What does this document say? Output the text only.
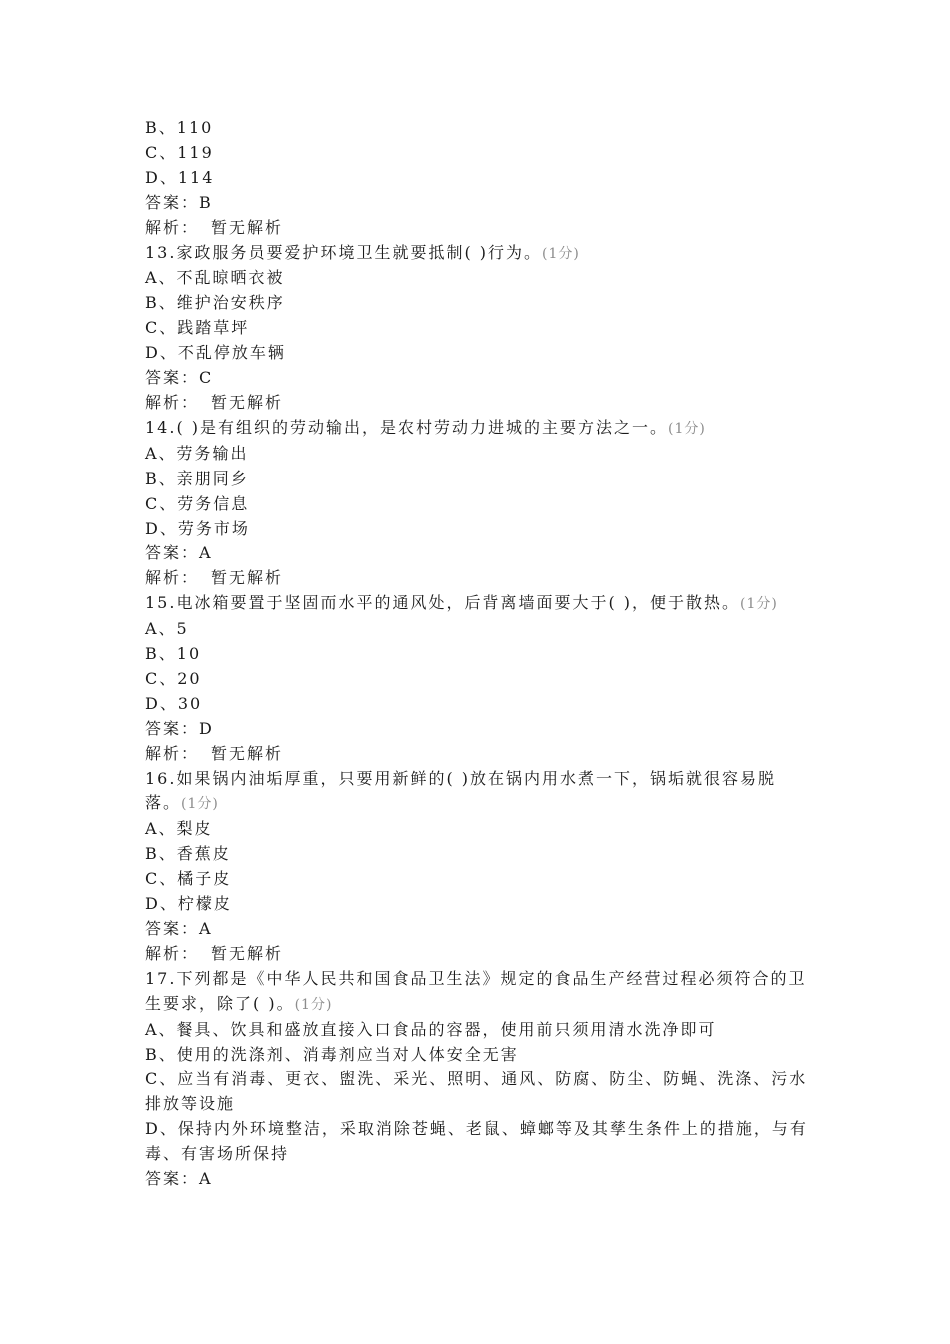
B、110
C、119
D、114
答案：B
解析： 暂无解析
13.家政服务员要爱护环境卫生就要抵制( )行为。(1分)
A、不乱晾晒衣被
B、维护治安秩序
C、践踏草坪
D、不乱停放车辆
答案：C
解析： 暂无解析
14.( )是有组织的劳动输出，是农村劳动力进城的主要方法之一。(1分)
A、劳务输出
B、亲朋同乡
C、劳务信息
D、劳务市场
答案：A
解析： 暂无解析
15.电冰箱要置于坚固而水平的通风处，后背离墙面要大于( )，便于散热。(1分)
A、5
B、10
C、20
D、30
答案：D
解析： 暂无解析
16.如果锅内油垢厚重，只要用新鲜的( )放在锅内用水煮一下，锅垢就很容易脱落。(1分)
A、梨皮
B、香蕉皮
C、橘子皮
D、柠檬皮
答案：A
解析： 暂无解析
17.下列都是《中华人民共和国食品卫生法》规定的食品生产经营过程必须符合的卫生要求，除了( )。(1分)
A、餐具、饮具和盛放直接入口食品的容器，使用前只须用清水洗净即可
B、使用的洗涤剂、消毒剂应当对人体安全无害
C、应当有消毒、更衣、盥洗、采光、照明、通风、防腐、防尘、防蝇、洗涤、污水排放等设施
D、保持内外环境整洁，采取消除苍蝇、老鼠、蟑螂等及其孳生条件上的措施，与有毒、有害场所保持
答案：A
